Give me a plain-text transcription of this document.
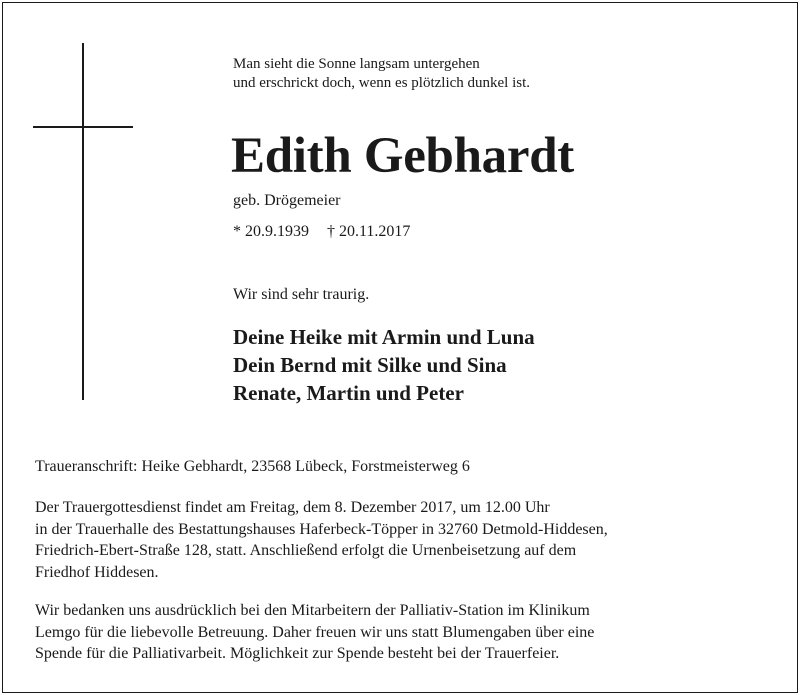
Man sieht die Sonne langsam untergehen
und erschrickt doch, wenn es plötzlich dunkel ist.

Edith Gebhardt

geb. Drögemeier

* 20.9.1939 † 20.11.2017

Wir sind sehr traurig.

Deine Heike mit Armin und Luna
Dein Bernd mit Silke und Sina
Renate, Martin und Peter

Traueranschrift: Heike Gebhardt, 23568 Lübeck, Forstmeisterweg 6

Der Trauergottesdienst findet am Freitag, dem 8. Dezember 2017, um 12.00 Uhr
in der Trauerhalle des Bestattungshauses Haferbeck-Töpper in 32760 Detmold-Hiddesen,
Friedrich-Ebert-Straße 128, statt. Anschließend erfolgt die Urnenbeisetzung auf dem
Friedhof Hiddesen.

Wir bedanken uns ausdrücklich bei den Mitarbeitern der Palliativ-Station im Klinikum
Lemgo für die liebevolle Betreuung. Daher freuen wir uns statt Blumengaben über eine
Spende für die Palliativarbeit. Möglichkeit zur Spende besteht bei der Trauerfeier.
